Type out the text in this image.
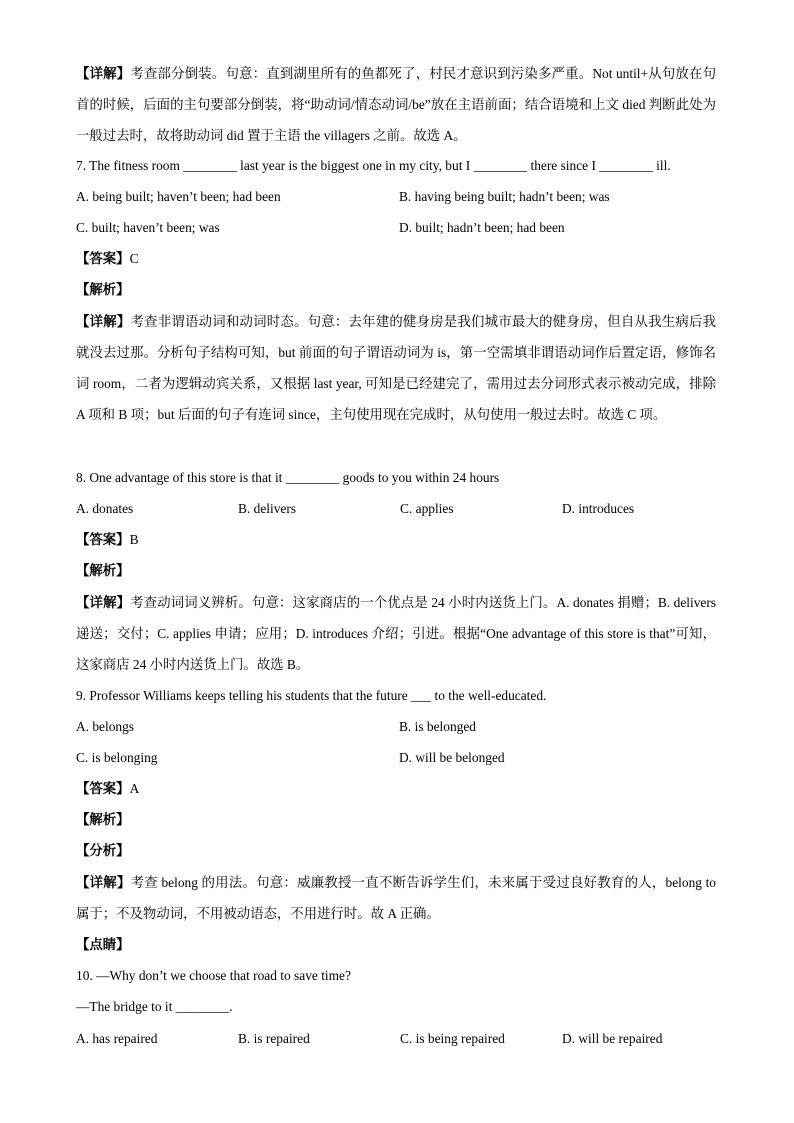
【详解】考查部分倒装。句意：直到湖里所有的鱼都死了，村民才意识到污染多严重。Not until+从句放在句首的时候，后面的主句要部分倒装，将“助动词/情态动词/be”放在主语前面；结合语境和上文 died 判断此处为一般过去时，故将助动词 did 置于主语 the villagers 之前。故选 A。
7. The fitness room ________ last year is the biggest one in my city, but I ________ there since I ________ ill.
A. being built; haven’t been; had been	B. having being built; hadn’t been; was
C. built; haven’t been; was	D. built; hadn’t been; had been
【答案】C
【解析】
【详解】考查非谓语动词和动词时态。句意：去年建的健身房是我们城市最大的健身房，但自从我生病后我就没去过那。分析句子结构可知，but 前面的句子谓语动词为 is，第一空需填非谓语动词作后置定语，修饰名词 room，二者为逻辑动宾关系，又根据 last year, 可知是已经建完了，需用过去分词形式表示被动完成，排除 A 项和 B 项；but 后面的句子有连词 since，主句使用现在完成时，从句使用一般过去时。故选 C 项。
8. One advantage of this store is that it ________ goods to you within 24 hours
A. donates	B. delivers	C. applies	D. introduces
【答案】B
【解析】
【详解】考查动词词义辨析。句意：这家商店的一个优点是 24 小时内送货上门。A. donates 捐赠；B. delivers 递送；交付；C. applies 申请；应用；D. introduces 介绍；引进。根据“One advantage of this store is that”可知，这家商店 24 小时内送货上门。故选 B。
9. Professor Williams keeps telling his students that the future ___ to the well-educated.
A. belongs	B. is belonged
C. is belonging	D. will be belonged
【答案】A
【解析】
【分析】
【详解】考查 belong 的用法。句意：威廉教授一直不断告诉学生们，未来属于受过良好教育的人，belong to 属于；不及物动词，不用被动语态，不用进行时。故 A 正确。
【点睛】
10. —Why don’t we choose that road to save time?
—The bridge to it ________.
A. has repaired	B. is repaired	C. is being repaired	D. will be repaired
